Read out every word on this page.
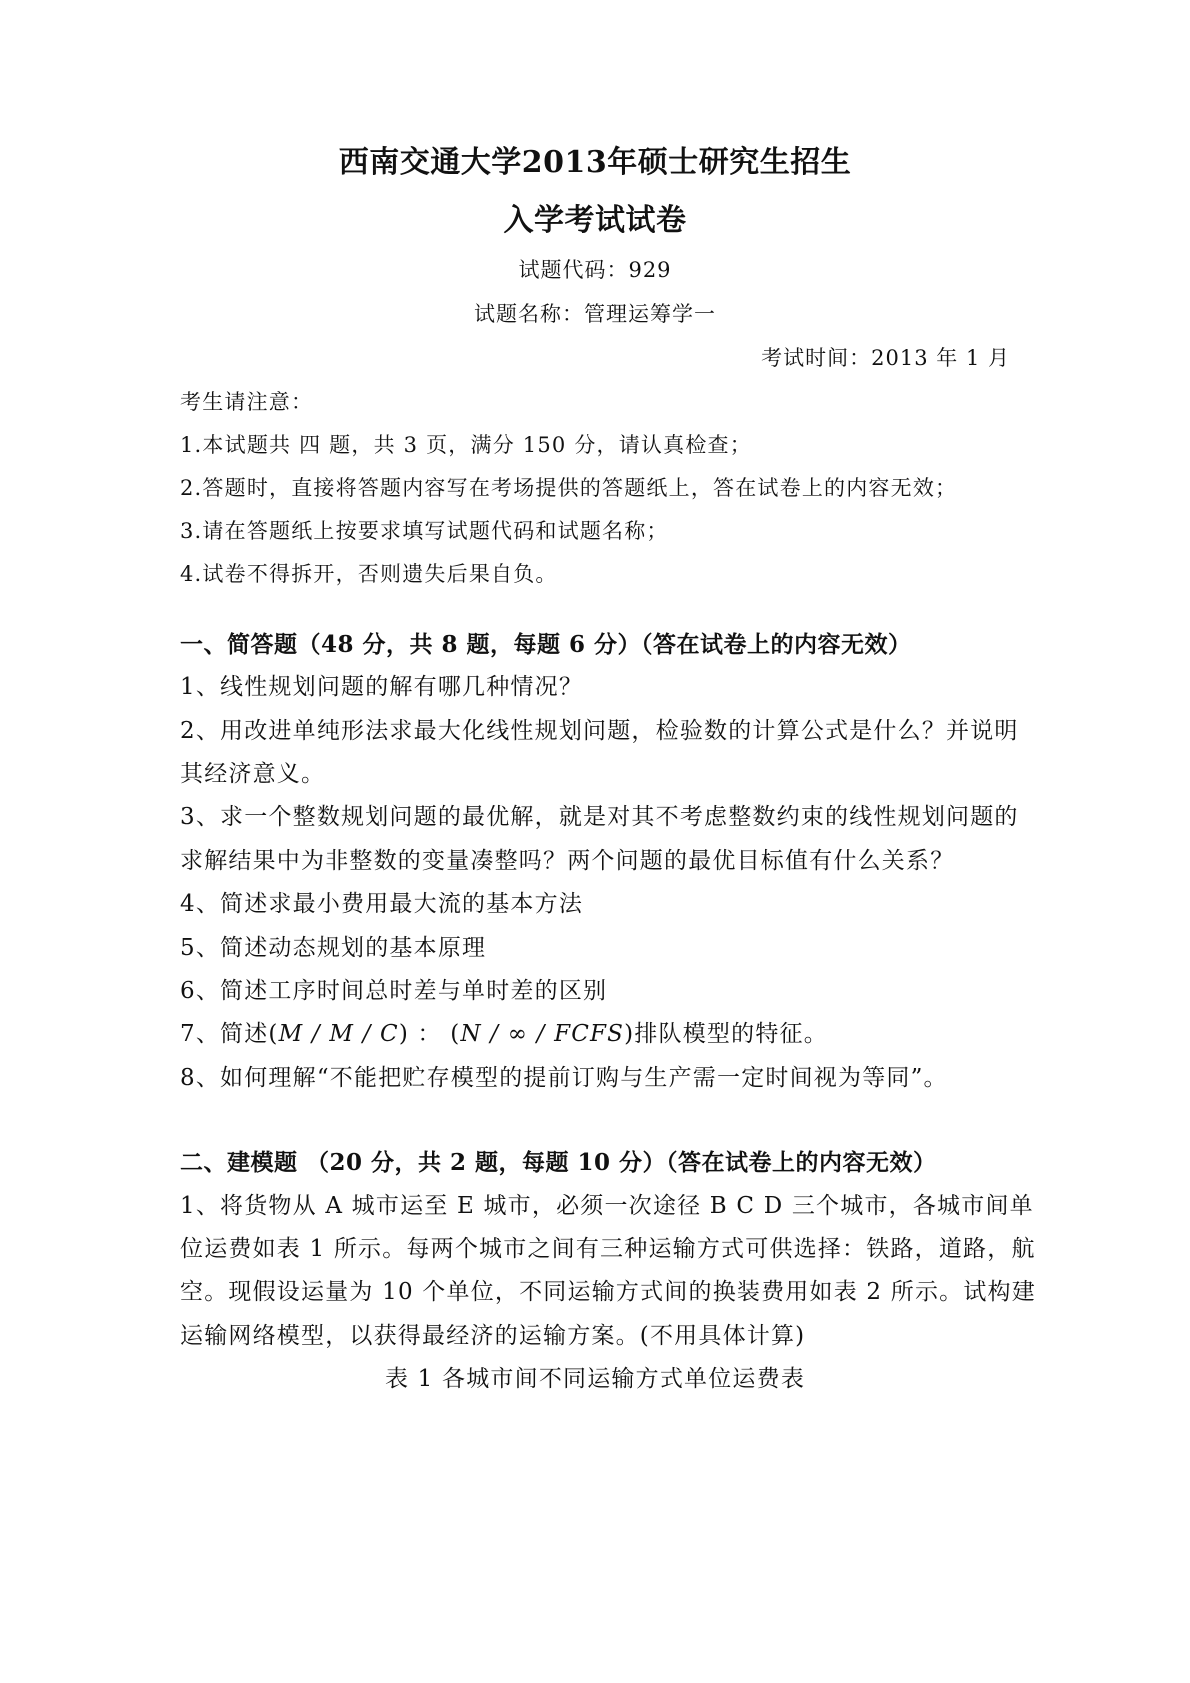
西南交通大学2013年硕士研究生招生
入学考试试卷
试题代码：929
试题名称：管理运筹学一
考试时间：2013 年 1 月
考生请注意：
1.本试题共 四 题，共 3 页，满分 150 分，请认真检查；
2.答题时，直接将答题内容写在考场提供的答题纸上，答在试卷上的内容无效；
3.请在答题纸上按要求填写试题代码和试题名称；
4.试卷不得拆开，否则遗失后果自负。
一、简答题（48 分，共 8 题，每题 6 分）（答在试卷上的内容无效）
1、线性规划问题的解有哪几种情况？
2、用改进单纯形法求最大化线性规划问题，检验数的计算公式是什么？并说明
其经济意义。
3、求一个整数规划问题的最优解，就是对其不考虑整数约束的线性规划问题的
求解结果中为非整数的变量凑整吗？两个问题的最优目标值有什么关系？
4、简述求最小费用最大流的基本方法
5、简述动态规划的基本原理
6、简述工序时间总时差与单时差的区别
7、简述(M / M / C) ： (N / ∞ / FCFS)排队模型的特征。
8、如何理解“不能把贮存模型的提前订购与生产需一定时间视为等同”。
二、建模题 （20 分，共 2 题，每题 10 分）（答在试卷上的内容无效）
1、将货物从 A 城市运至 E 城市，必须一次途径 B C D 三个城市，各城市间单
位运费如表 1 所示。每两个城市之间有三种运输方式可供选择：铁路，道路，航
空。现假设运量为 10 个单位，不同运输方式间的换装费用如表 2 所示。试构建
运输网络模型，以获得最经济的运输方案。(不用具体计算)
表 1 各城市间不同运输方式单位运费表
